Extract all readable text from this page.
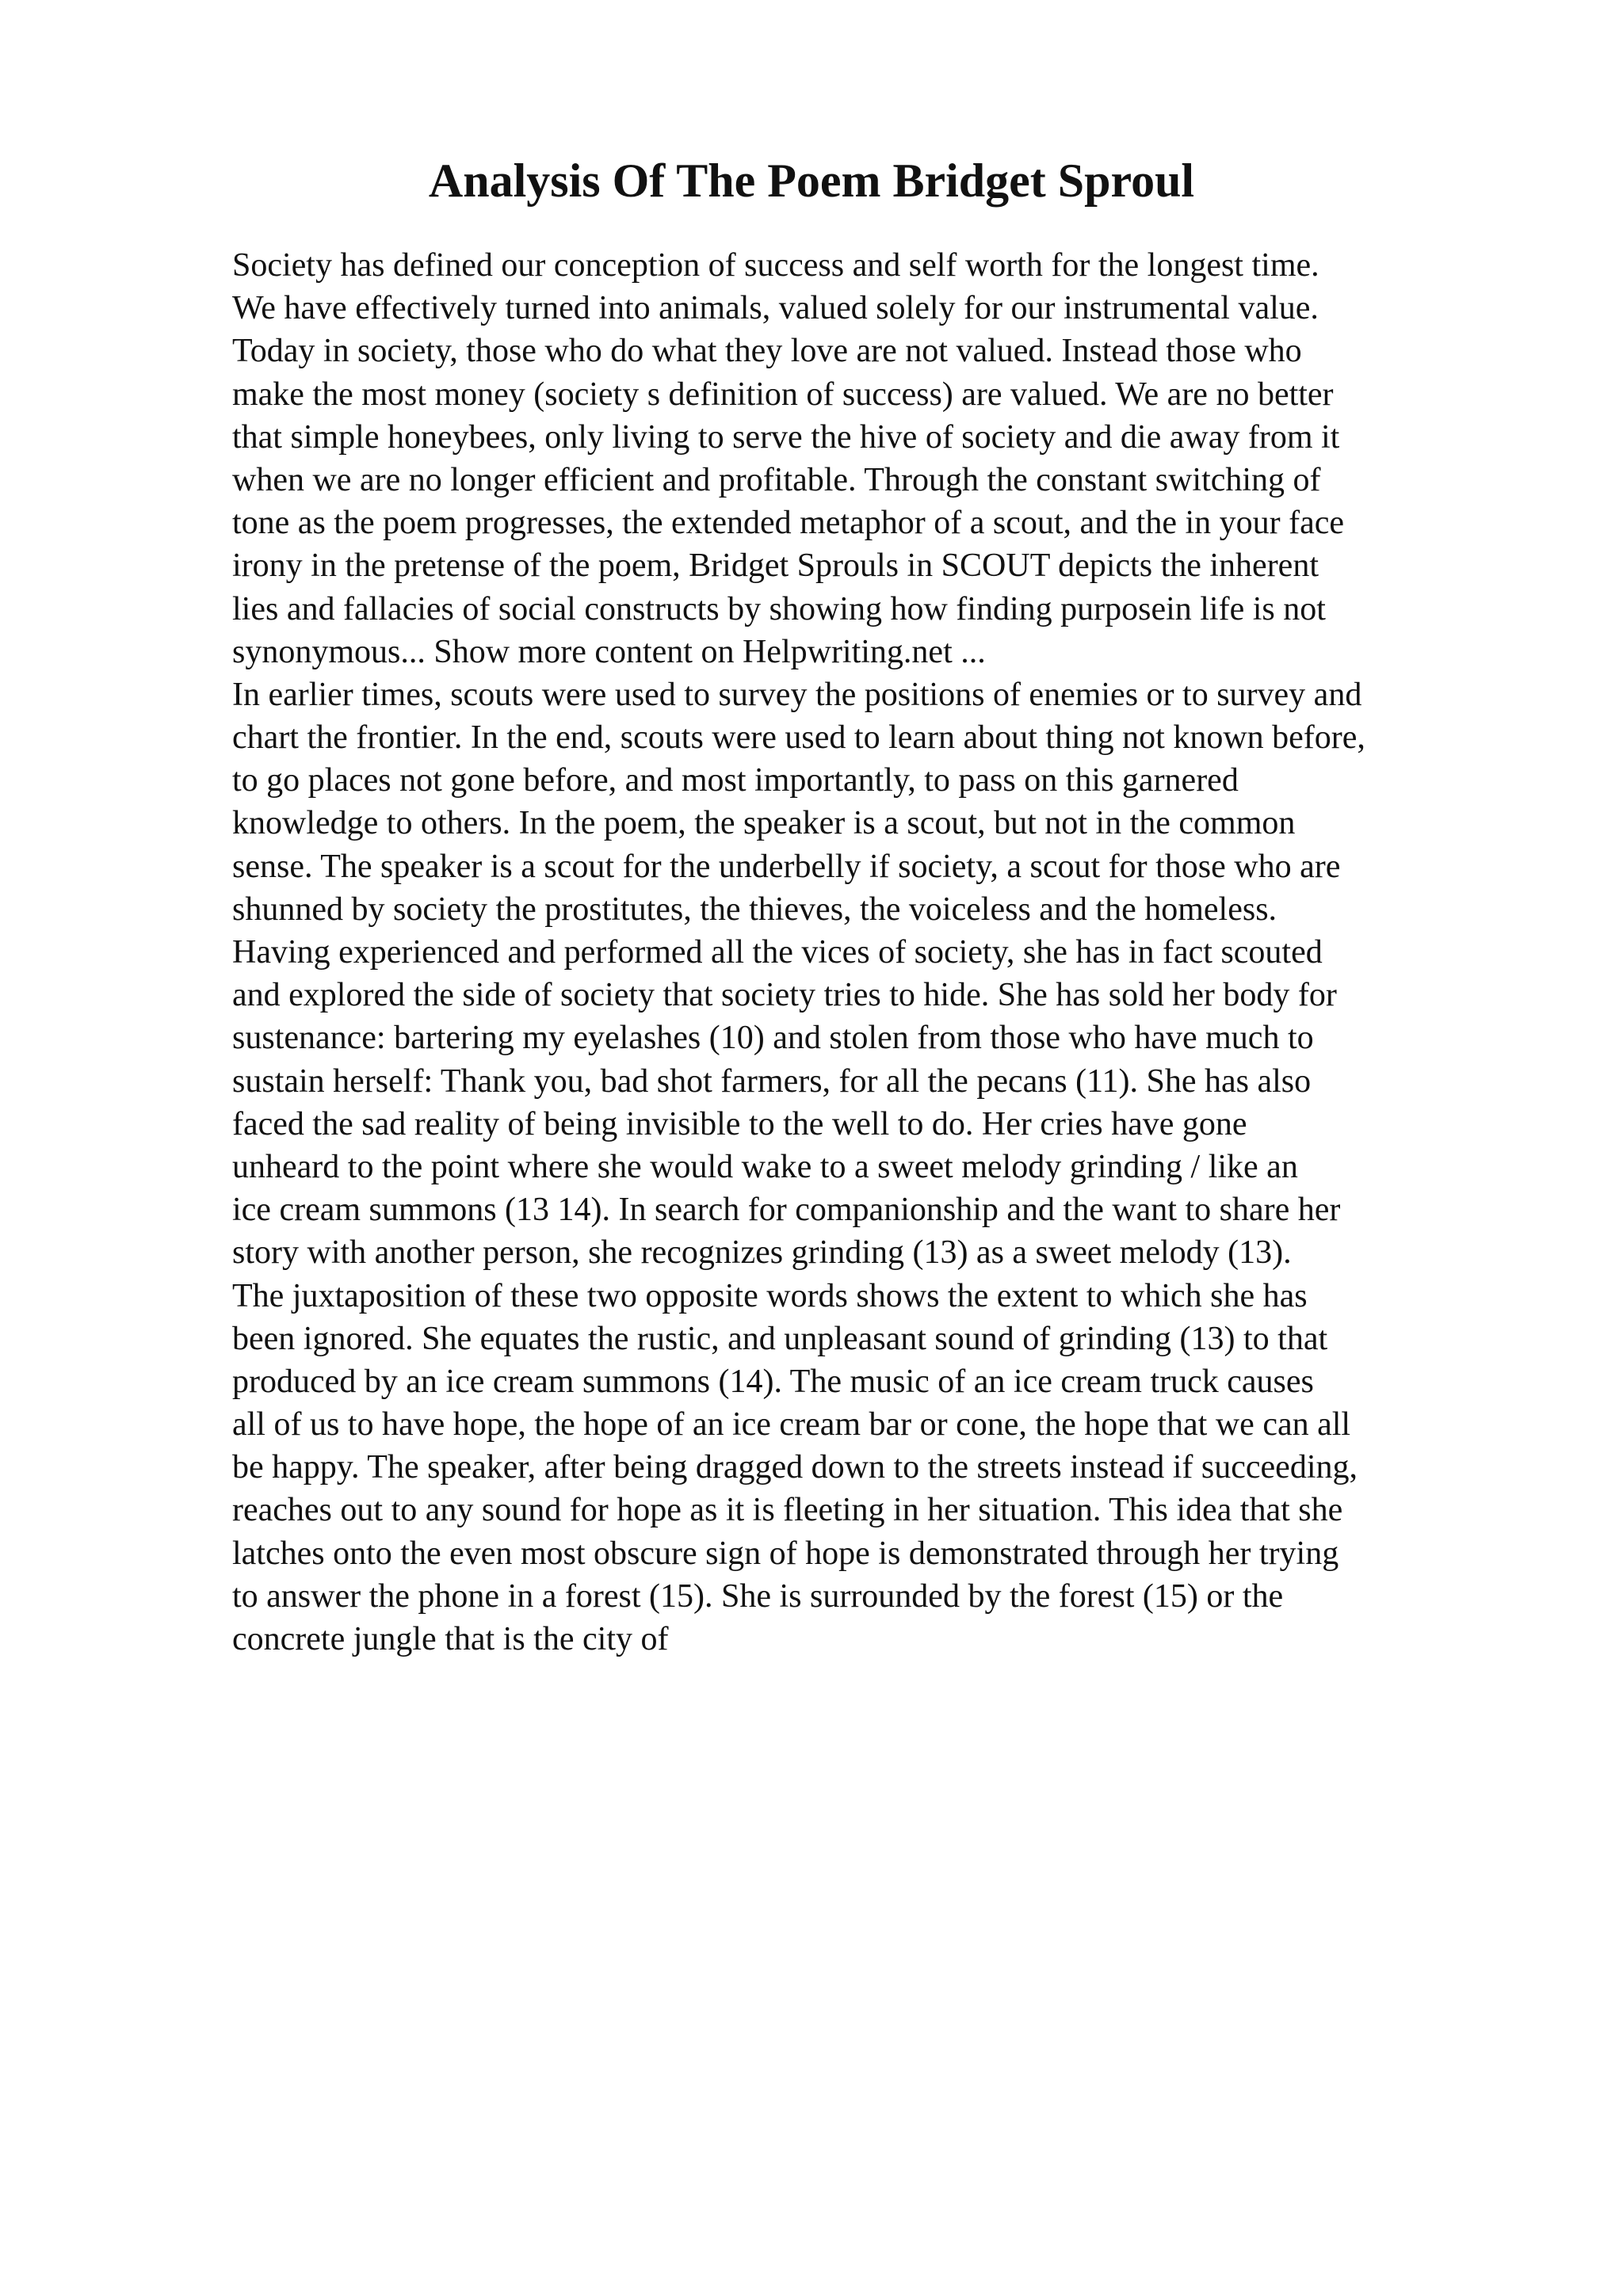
Analysis Of The Poem Bridget Sproul
Society has defined our conception of success and self worth for the longest time.
We have effectively turned into animals, valued solely for our instrumental value.
Today in society, those who do what they love are not valued. Instead those who
make the most money (society s definition of success) are valued. We are no better
that simple honeybees, only living to serve the hive of society and die away from it
when we are no longer efficient and profitable. Through the constant switching of
tone as the poem progresses, the extended metaphor of a scout, and the in your face
irony in the pretense of the poem, Bridget Sprouls in SCOUT depicts the inherent
lies and fallacies of social constructs by showing how finding purposein life is not
synonymous... Show more content on Helpwriting.net ...
In earlier times, scouts were used to survey the positions of enemies or to survey and
chart the frontier. In the end, scouts were used to learn about thing not known before,
to go places not gone before, and most importantly, to pass on this garnered
knowledge to others. In the poem, the speaker is a scout, but not in the common
sense. The speaker is a scout for the underbelly if society, a scout for those who are
shunned by society the prostitutes, the thieves, the voiceless and the homeless.
Having experienced and performed all the vices of society, she has in fact scouted
and explored the side of society that society tries to hide. She has sold her body for
sustenance: bartering my eyelashes (10) and stolen from those who have much to
sustain herself: Thank you, bad shot farmers, for all the pecans (11). She has also
faced the sad reality of being invisible to the well to do. Her cries have gone
unheard to the point where she would wake to a sweet melody grinding / like an
ice cream summons (13 14). In search for companionship and the want to share her
story with another person, she recognizes grinding (13) as a sweet melody (13).
The juxtaposition of these two opposite words shows the extent to which she has
been ignored. She equates the rustic, and unpleasant sound of grinding (13) to that
produced by an ice cream summons (14). The music of an ice cream truck causes
all of us to have hope, the hope of an ice cream bar or cone, the hope that we can all
be happy. The speaker, after being dragged down to the streets instead if succeeding,
reaches out to any sound for hope as it is fleeting in her situation. This idea that she
latches onto the even most obscure sign of hope is demonstrated through her trying
to answer the phone in a forest (15). She is surrounded by the forest (15) or the
concrete jungle that is the city of
